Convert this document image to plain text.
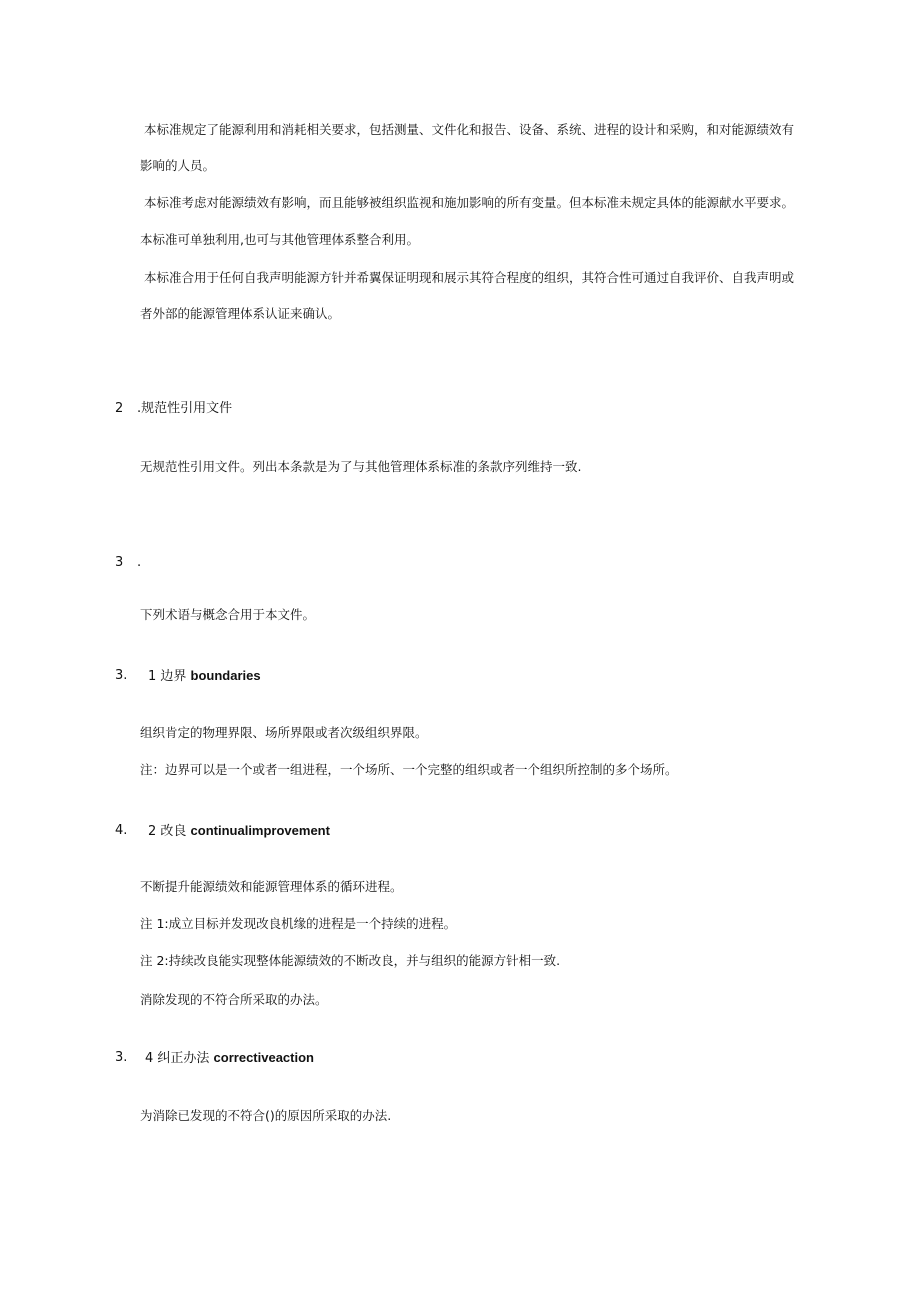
本标准规定了能源利用和消耗相关要求，包括测量、文件化和报告、设备、系统、进程的设计和采购，和对能源绩效有
影响的人员。
本标准考虑对能源绩效有影响，而且能够被组织监视和施加影响的所有变量。但本标准未规定具体的能源献水平要求。
本标准可单独利用,也可与其他管理体系整合利用。
本标准合用于任何自我声明能源方针并希翼保证明现和展示其符合程度的组织，其符合性可通过自我评价、自我声明或
者外部的能源管理体系认证来确认。
2 .规范性引用文件
无规范性引用文件。列出本条款是为了与其他管理体系标准的条款序列维持一致.
3 .
下列术语与概念合用于本文件。
3. 1 边界 boundaries
组织肯定的物理界限、场所界限或者次级组织界限。
注：边界可以是一个或者一组进程，一个场所、一个完整的组织或者一个组织所控制的多个场所。
4. 2 改良 continualimprovement
不断提升能源绩效和能源管理体系的循环进程。
注 1:成立目标并发现改良机缘的进程是一个持续的进程。
注 2:持续改良能实现整体能源绩效的不断改良，并与组织的能源方针相一致.
消除发现的不符合所采取的办法。
3. 4 纠正办法 correctiveaction
为消除已发现的不符合()的原因所采取的办法.
